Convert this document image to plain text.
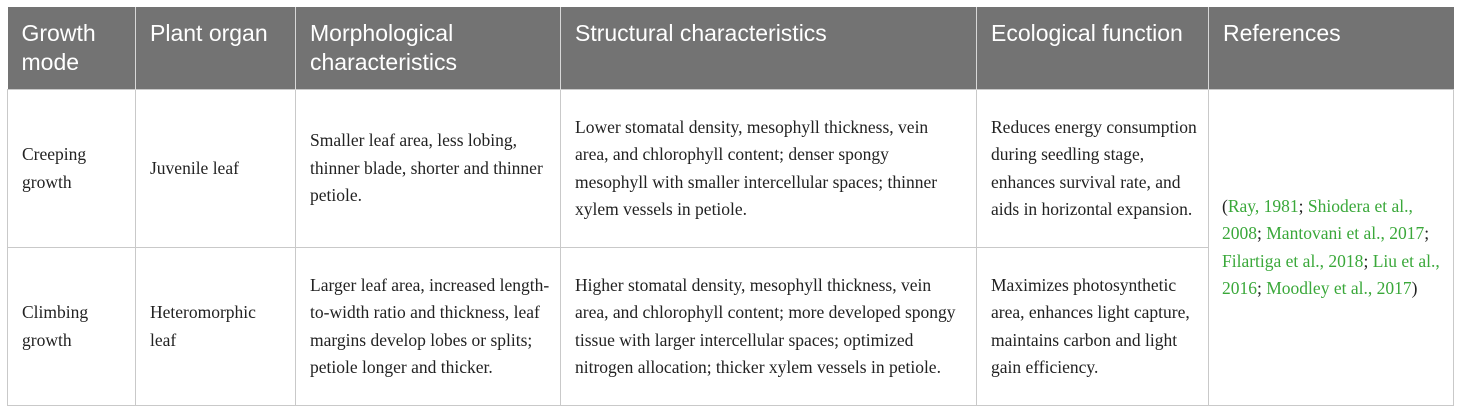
Growth mode	Plant organ	Morphological characteristics	Structural characteristics	Ecological function	References
Creeping growth	Juvenile leaf	Smaller leaf area, less lobing, thinner blade, shorter and thinner petiole.	Lower stomatal density, mesophyll thickness, vein area, and chlorophyll content; denser spongy mesophyll with smaller intercellular spaces; thinner xylem vessels in petiole.	Reduces energy consumption during seedling stage, enhances survival rate, and aids in horizontal expansion.	(Ray, 1981; Shiodera et al., 2008; Mantovani et al., 2017; Filartiga et al., 2018; Liu et al., 2016; Moodley et al., 2017)
Climbing growth	Heteromorphic leaf	Larger leaf area, increased length-to-width ratio and thickness, leaf margins develop lobes or splits; petiole longer and thicker.	Higher stomatal density, mesophyll thickness, vein area, and chlorophyll content; more developed spongy tissue with larger intercellular spaces; optimized nitrogen allocation; thicker xylem vessels in petiole.	Maximizes photosynthetic area, enhances light capture, maintains carbon and light gain efficiency.	
